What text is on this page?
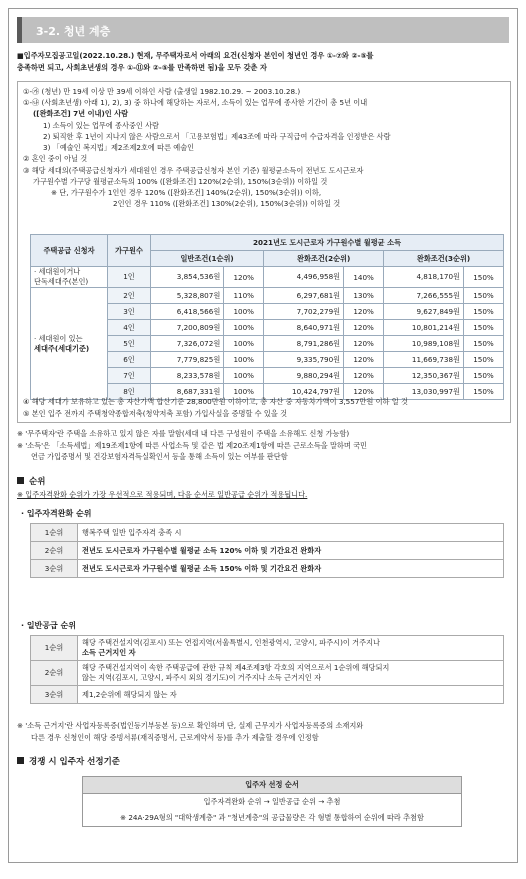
3-2. 청년 계층
■입주자모집공고일(2022.10.28.) 현재, 무주택자로서 아래의 요건(신청자 본인이 청년인 경우 ①-⑦와 ②-⑤를
충족하면 되고, 사회초년생의 경우 ①-⑪와 ②-⑤를 만족하면 됨)을 모두 갖춘 자
①-㉮ (청년) 만 19세 이상 만 39세 이하인 사람 (출생일 1982.10.29. ~ 2003.10.28.)
①-㉯ (사회초년생) 아래 1), 2), 3) 중 하나에 해당하는 자로서, 소득이 있는 업무에 종사한 기간이 총 5년 이내
([완화조건] 7년 이내)인 사람
1) 소득이 있는 업무에 종사중인 사람
2) 퇴직한 후 1년이 지나지 않은 사람으로서 「고용보험법」제43조에 따라 구직급여 수급자격을 인정받은 사람
3) 「예술인 복지법」제2조제2호에 따른 예술인
② 혼인 중이 아닐 것
③ 해당 세대의(주택공급신청자가 세대원인 경우 주택공급신청자 본인 기준) 월평균소득이 전년도 도시근로자
가구원수별 가구당 월평균소득의 100% ([완화조건] 120%(2순위), 150%(3순위)) 이하일 것
※ 단, 가구원수가 1인인 경우 120% ([완화조건] 140%(2순위), 150%(3순위)) 이하,
2인인 경우 110% ([완화조건] 130%(2순위), 150%(3순위)) 이하일 것
주택공급 신청자	가구원수	2021년도 도시근로자 가구원수별 월평균 소득					
		일반조건(1순위)		완화조건(2순위)		완화조건(3순위)	

· 세대원이거나
단독세대주(본인)	1인	3,854,536원	120%	4,496,958원	140%	4,818,170원	150%

· 세대원이 있는
세대주(세대기준)	2인	5,328,807원	110%	6,297,681원	130%	7,266,555원	150%
	3인	6,418,566원	100%	7,702,279원	120%	9,627,849원	150%
	4인	7,200,809원	100%	8,640,971원	120%	10,801,214원	150%
	5인	7,326,072원	100%	8,791,286원	120%	10,989,108원	150%
	6인	7,779,825원	100%	9,335,790원	120%	11,669,738원	150%
	7인	8,233,578원	100%	9,880,294원	120%	12,350,367원	150%
	8인	8,687,331원	100%	10,424,797원	120%	13,030,997원	150%
④ 해당 세대가 보유하고 있는 총 자산가액 합산기준 28,800만원 이하이고, 총 자산 중 자동차가액이 3,557만원 이하 일 것
⑤ 본인 입주 전까지 주택청약종합저축(청약저축 포함) 가입사실을 증명할 수 있을 것
※ '무주택자'란 주택을 소유하고 있지 않은 자를 말함(세대 내 다른 구성원이 주택을 소유해도 신청 가능함)
※ '소득'은 「소득세법」제19조제1항에 따른 사업소득 및 같은 법 제20조제1항에 따른 근로소득을 말하며 국민
연금 가입증명서 및 건강보험자격득실확인서 등을 통해 소득이 있는 여부를 판단함
순위
※ 입주자격완화 순위가 가장 우선적으로 적용되며, 다음 순서로 일반공급 순위가 적용됩니다.
· 입주자격완화 순위
1순위	행복주택 일반 입주자격 충족 시
2순위	전년도 도시근로자 가구원수별 월평균 소득 120% 이하 및 기간요건 완화자
3순위	전년도 도시근로자 가구원수별 월평균 소득 150% 이하 및 기간요건 완화자
· 일반공급 순위
1순위	해당 주택건설지역(김포시) 또는 연접지역(서울특별시, 인천광역시, 고양시, 파주시)이 거주지나
소득 근거지인 자

2순위	해당 주택건설지역이 속한 주택공급에 관한 규칙 제4조제3항 각호의 지역으로서 1순위에 해당되지
않는 지역(김포시, 고양시, 파주시 외의 경기도)이 거주지나 소득 근거지인 자

3순위	제1,2순위에 해당되지 않는 자
※ '소득 근거지'란 사업자등록증(법인등기부등본 등)으로 확인하며 단, 실제 근무지가 사업자등록증의 소재지와
다른 경우 신청인이 해당 증빙서류(재직증명서, 근로계약서 등)를 추가 제출할 경우에 인정함
경쟁 시 입주자 선정기준
입주자 선정 순서
입주자격완화 순위 → 일반공급 순위 → 추첨
※ 24A·29A형의 "대학생계층" 과 "청년계층"의 공급물량은 각 형별 통합하여 순위에 따라 추첨함
